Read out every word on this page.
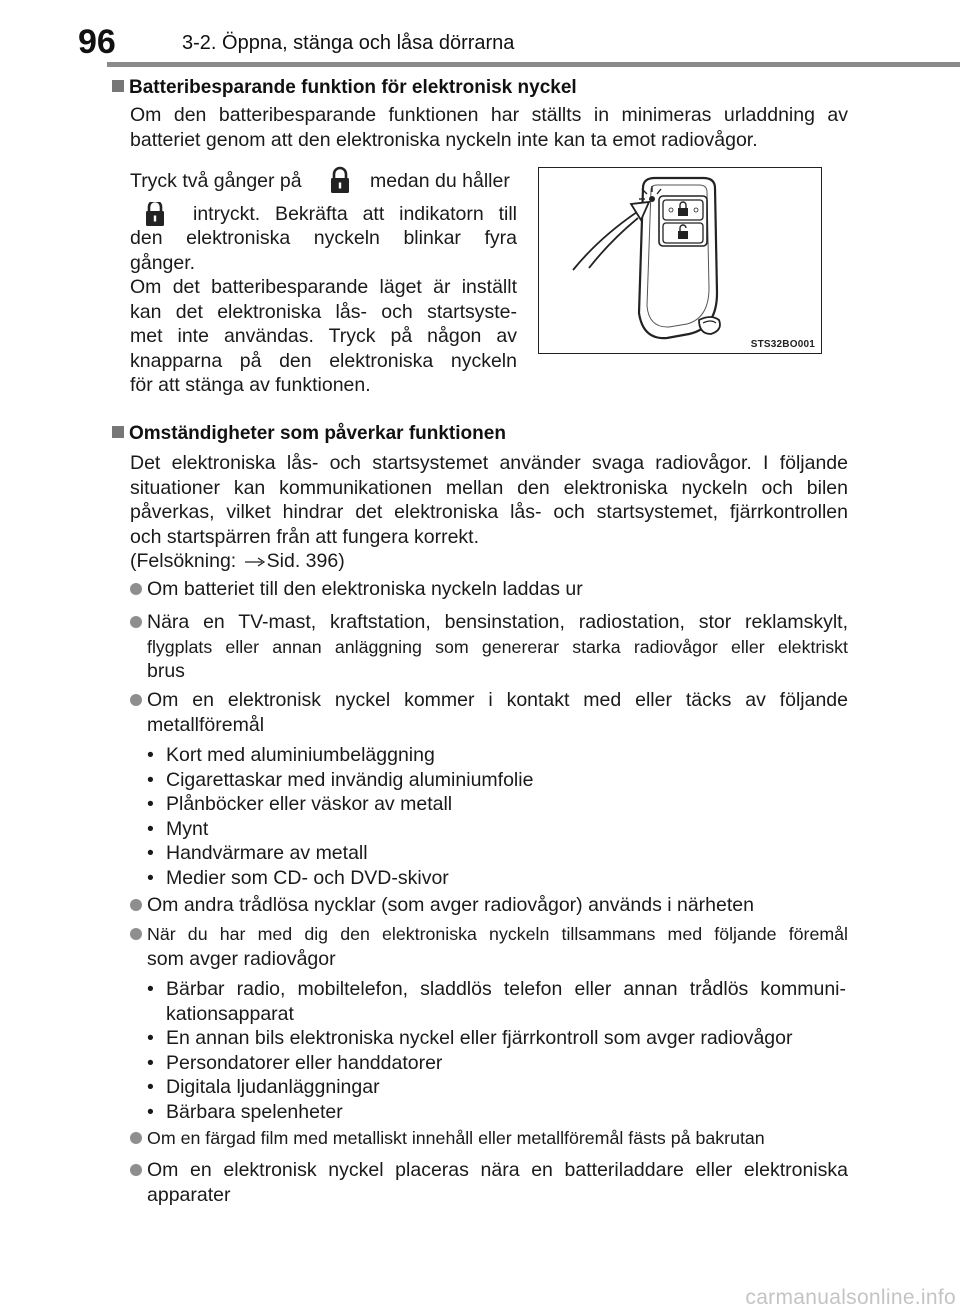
96	3-2. Öppna, stänga och låsa dörrarna
Batteribesparande funktion för elektronisk nyckel
Om den batteribesparande funktionen har ställts in minimeras urladdning av
batteriet genom att den elektroniska nyckeln inte kan ta emot radiovågor.
Tryck två gånger på	medan du håller
intryckt. Bekräfta att indikatorn till
den elektroniska nyckeln blinkar fyra
gånger.
Om det batteribesparande läget är inställt
kan det elektroniska lås- och startsyste-
met inte användas. Tryck på någon av
knapparna på den elektroniska nyckeln
för att stänga av funktionen.
STS32BO001
Omständigheter som påverkar funktionen
Det elektroniska lås- och startsystemet använder svaga radiovågor. I följande
situationer kan kommunikationen mellan den elektroniska nyckeln och bilen
påverkas, vilket hindrar det elektroniska lås- och startsystemet, fjärrkontrollen
och startspärren från att fungera korrekt.
(Felsökning: Sid. 396)
Om batteriet till den elektroniska nyckeln laddas ur
Nära en TV-mast, kraftstation, bensinstation, radiostation, stor reklamskylt,
flygplats eller annan anläggning som genererar starka radiovågor eller elektriskt
brus
Om en elektronisk nyckel kommer i kontakt med eller täcks av följande
metallföremål
• Kort med aluminiumbeläggning
• Cigarettaskar med invändig aluminiumfolie
• Plånböcker eller väskor av metall
• Mynt
• Handvärmare av metall
• Medier som CD- och DVD-skivor
Om andra trådlösa nycklar (som avger radiovågor) används i närheten
När du har med dig den elektroniska nyckeln tillsammans med följande föremål
som avger radiovågor
• Bärbar radio, mobiltelefon, sladdlös telefon eller annan trådlös kommuni-
kationsapparat
• En annan bils elektroniska nyckel eller fjärrkontroll som avger radiovågor
• Persondatorer eller handdatorer
• Digitala ljudanläggningar
• Bärbara spelenheter
Om en färgad film med metalliskt innehåll eller metallföremål fästs på bakrutan
Om en elektronisk nyckel placeras nära en batteriladdare eller elektroniska
apparater
carmanualsonline.info
